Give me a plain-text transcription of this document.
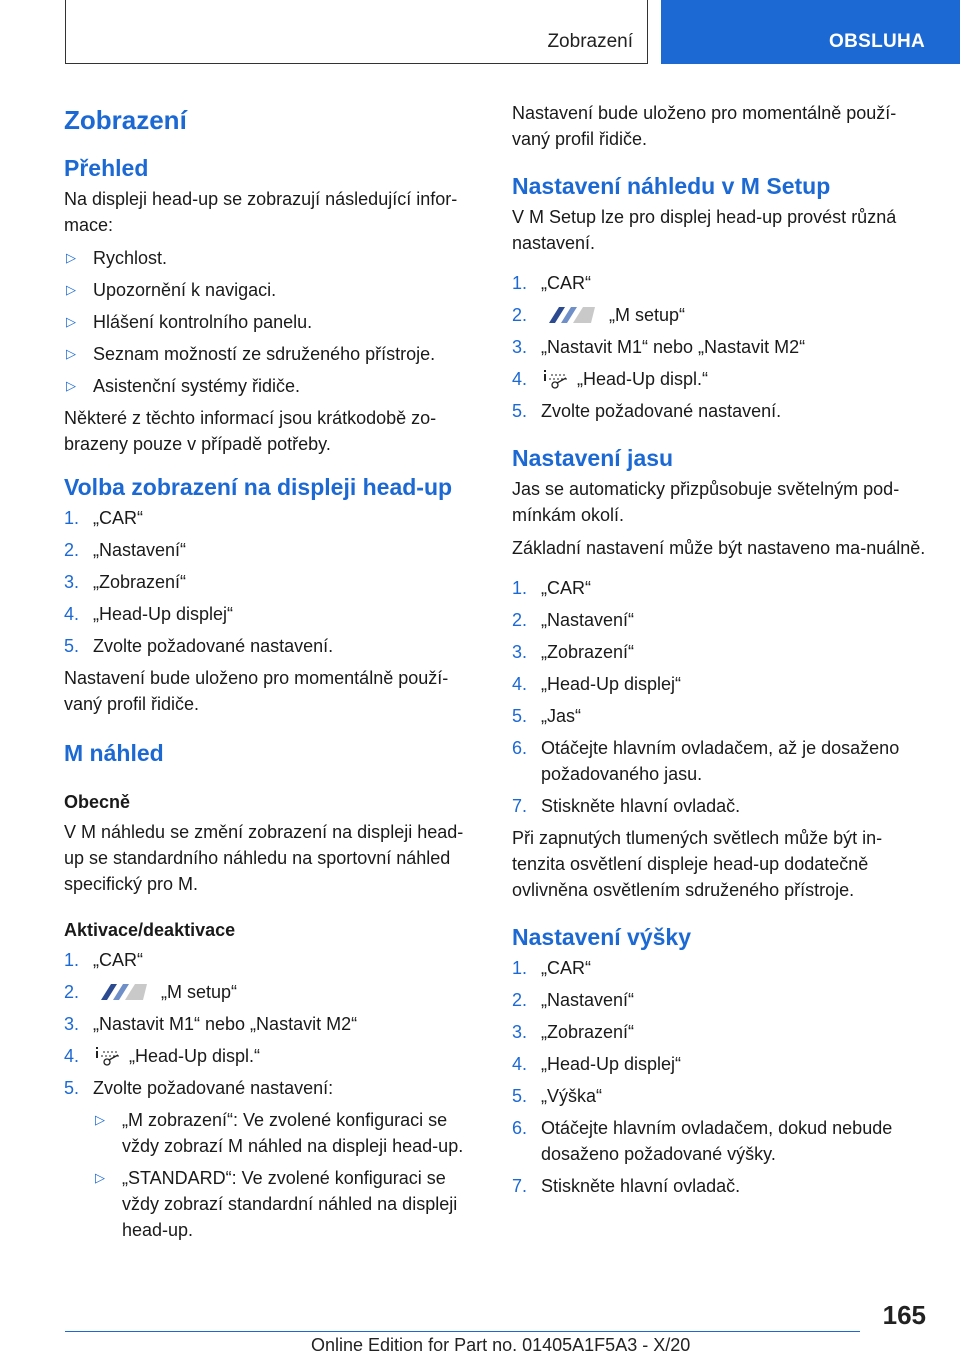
Zobrazení	OBSLUHA
Zobrazení
Přehled

Na displeji head-up se zobrazují následující infor‐mace:

▷ Rychlost.
▷ Upozornění k navigaci.
▷ Hlášení kontrolního panelu.
▷ Seznam možností ze sdruženého přístroje.
▷ Asistenční systémy řidiče.

Některé z těchto informací jsou krátkodobě zo‐brazeny pouze v případě potřeby.

Volba zobrazení na displeji head-up
1. „CAR“
2. „Nastavení“
3. „Zobrazení“
4. „Head-Up displej“
5. Zvolte požadované nastavení.

Nastavení bude uloženo pro momentálně použí‐vaný profil řidiče.

M náhled
Obecně

V M náhledu se změní zobrazení na displeji head-up se standardního náhledu na sportovní náhled specifický pro M.

Aktivace/deaktivace
1. „CAR“
2.	„M setup“
3. „Nastavit M1“ nebo „Nastavit M2“
4.	„Head-Up displ.“
5. Zvolte požadované nastavení:
▷ „M zobrazení“: Ve zvolené konfiguraci se vždy zobrazí M náhled na displeji head-up.
▷ „STANDARD“: Ve zvolené konfiguraci se vždy zobrazí standardní náhled na displeji head-up.

Nastavení bude uloženo pro momentálně použí‐vaný profil řidiče.

Nastavení náhledu v M Setup

V M Setup lze pro displej head-up provést různá nastavení.

1. „CAR“
2.	„M setup“
3. „Nastavit M1“ nebo „Nastavit M2“
4.	„Head-Up displ.“
5. Zvolte požadované nastavení.
Nastavení jasu

Jas se automaticky přizpůsobuje světelným pod‐mínkám okolí.

Základní nastavení může být nastaveno ma‐nuálně.

1. „CAR“
2. „Nastavení“
3. „Zobrazení“
4. „Head-Up displej“
5. „Jas“
6. Otáčejte hlavním ovladačem, až je dosaženo požadovaného jasu.
7. Stiskněte hlavní ovladač.

Při zapnutých tlumených světlech může být in‐tenzita osvětlení displeje head-up dodatečně ovlivněna osvětlením sdruženého přístroje.

Nastavení výšky
1. „CAR“
2. „Nastavení“
3. „Zobrazení“
4. „Head-Up displej“
5. „Výška“
6. Otáčejte hlavním ovladačem, dokud nebude dosaženo požadované výšky.
7. Stiskněte hlavní ovladač.
165
Online Edition for Part no. 01405A1F5A3 - X/20
